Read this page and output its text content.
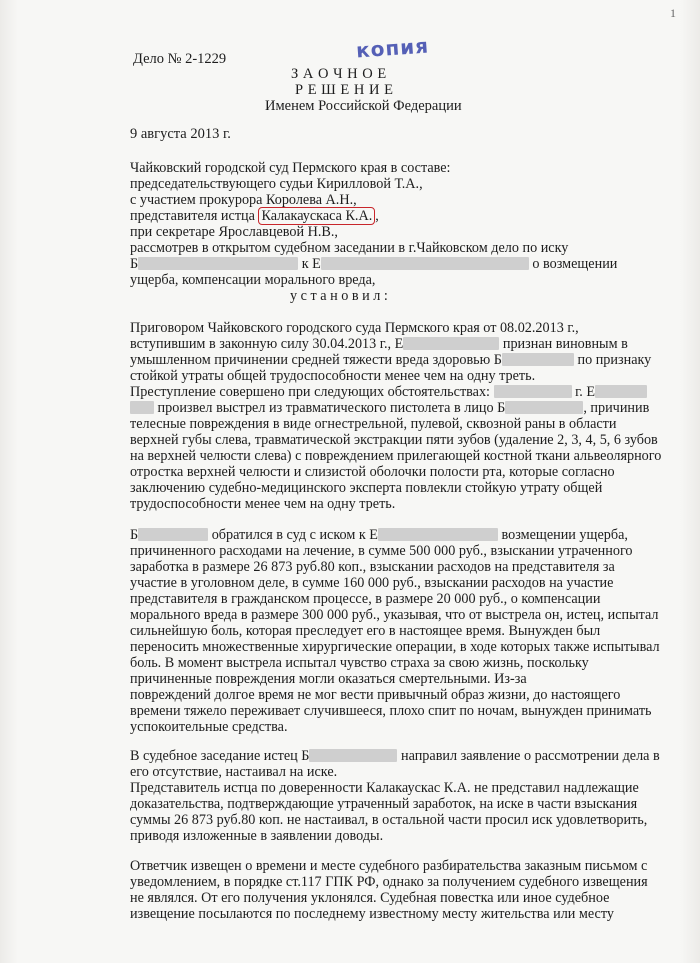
1
копия
Дело № 2-1229
З А О Ч Н О Е
Р Е Ш Е Н И Е
Именем Российской Федерации
9 августа 2013 г.
Чайковский городской суд Пермского края в составе:
председательствующего судьи Кирилловой Т.А.,
с участием прокурора Королева А.Н.,
представителя истца Калакаускаса К.А. ,
при секретаре Ярославцевой Н.В.,
рассмотрев в открытом судебном заседании в г.Чайковском дело по иску
Б	к Е	о возмещении
ущерба, компенсации морального вреда,
у с т а н о в и л :
Приговором Чайковского городского суда Пермского края от 08.02.2013 г.,
вступившим в законную силу 30.04.2013 г., Е	признан виновным в
умышленном причинении средней тяжести вреда здоровью Б	по признаку
стойкой утраты общей трудоспособности менее чем на одну треть.
Преступление совершено при следующих обстоятельствах:	г. Е
произвел выстрел из травматического пистолета в лицо Б	, причинив
телесные повреждения в виде огнестрельной, пулевой, сквозной раны в области
верхней губы слева, травматической экстракции пяти зубов (удаление 2, 3, 4, 5, 6 зубов
на верхней челюсти слева) с повреждением прилегающей костной ткани альвеолярного
отростка верхней челюсти и слизистой оболочки полости рта, которые согласно
заключению судебно-медицинского эксперта повлекли стойкую утрату общей
трудоспособности менее чем на одну треть.
Б	обратился в суд с иском к Е	возмещении ущерба,
причиненного расходами на лечение, в сумме 500 000 руб., взыскании утраченного
заработка в размере 26 873 руб.80 коп., взыскании расходов на представителя за
участие в уголовном деле, в сумме 160 000 руб., взыскании расходов на участие
представителя в гражданском процессе, в размере 20 000 руб., о компенсации
морального вреда в размере 300 000 руб., указывая, что от выстрела он, истец, испытал
сильнейшую боль, которая преследует его в настоящее время. Вынужден был
переносить множественные хирургические операции, в ходе которых также испытывал
боль. В момент выстрела испытал чувство страха за свою жизнь, поскольку
причиненные повреждения могли оказаться смертельными. Из-за
повреждений долгое время не мог вести привычный образ жизни, до настоящего
времени тяжело переживает случившееся, плохо спит по ночам, вынужден принимать
успокоительные средства.
В судебное заседание истец Б	направил заявление о рассмотрении дела в
его отсутствие, настаивал на иске.
Представитель истца по доверенности Калакаускас К.А. не представил надлежащие
доказательства, подтверждающие утраченный заработок, на иске в части взыскания
суммы 26 873 руб.80 коп. не настаивал, в остальной части просил иск удовлетворить,
приводя изложенные в заявлении доводы.
Ответчик извещен о времени и месте судебного разбирательства заказным письмом с
уведомлением, в порядке ст.117 ГПК РФ, однако за получением судебного извещения
не являлся. От его получения уклонялся. Судебная повестка или иное судебное
извещение посылаются по последнему известному месту жительства или месту
